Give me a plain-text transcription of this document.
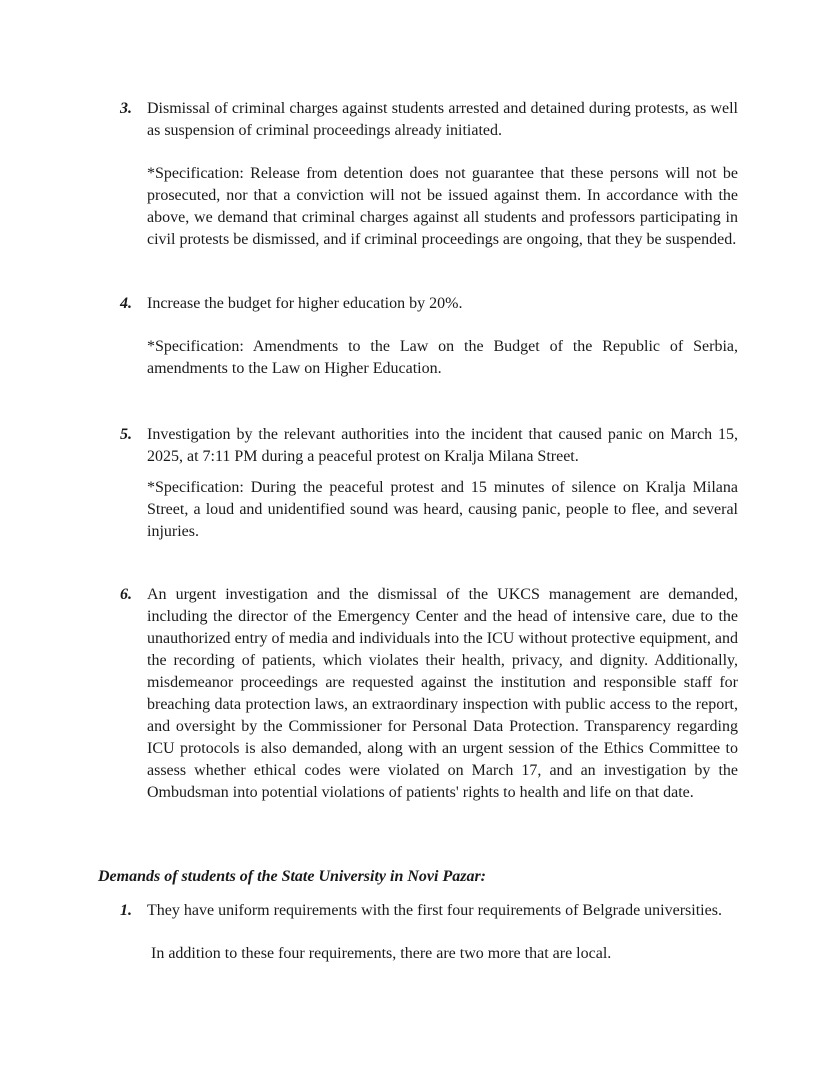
3. Dismissal of criminal charges against students arrested and detained during protests, as well as suspension of criminal proceedings already initiated.

*Specification: Release from detention does not guarantee that these persons will not be prosecuted, nor that a conviction will not be issued against them. In accordance with the above, we demand that criminal charges against all students and professors participating in civil protests be dismissed, and if criminal proceedings are ongoing, that they be suspended.

4. Increase the budget for higher education by 20%.

*Specification: Amendments to the Law on the Budget of the Republic of Serbia, amendments to the Law on Higher Education.

5. Investigation by the relevant authorities into the incident that caused panic on March 15, 2025, at 7:11 PM during a peaceful protest on Kralja Milana Street.

*Specification: During the peaceful protest and 15 minutes of silence on Kralja Milana Street, a loud and unidentified sound was heard, causing panic, people to flee, and several injuries.

6. An urgent investigation and the dismissal of the UKCS management are demanded, including the director of the Emergency Center and the head of intensive care, due to the unauthorized entry of media and individuals into the ICU without protective equipment, and the recording of patients, which violates their health, privacy, and dignity. Additionally, misdemeanor proceedings are requested against the institution and responsible staff for breaching data protection laws, an extraordinary inspection with public access to the report, and oversight by the Commissioner for Personal Data Protection. Transparency regarding ICU protocols is also demanded, along with an urgent session of the Ethics Committee to assess whether ethical codes were violated on March 17, and an investigation by the Ombudsman into potential violations of patients' rights to health and life on that date.

Demands of students of the State University in Novi Pazar:

1. They have uniform requirements with the first four requirements of Belgrade universities.

In addition to these four requirements, there are two more that are local.
